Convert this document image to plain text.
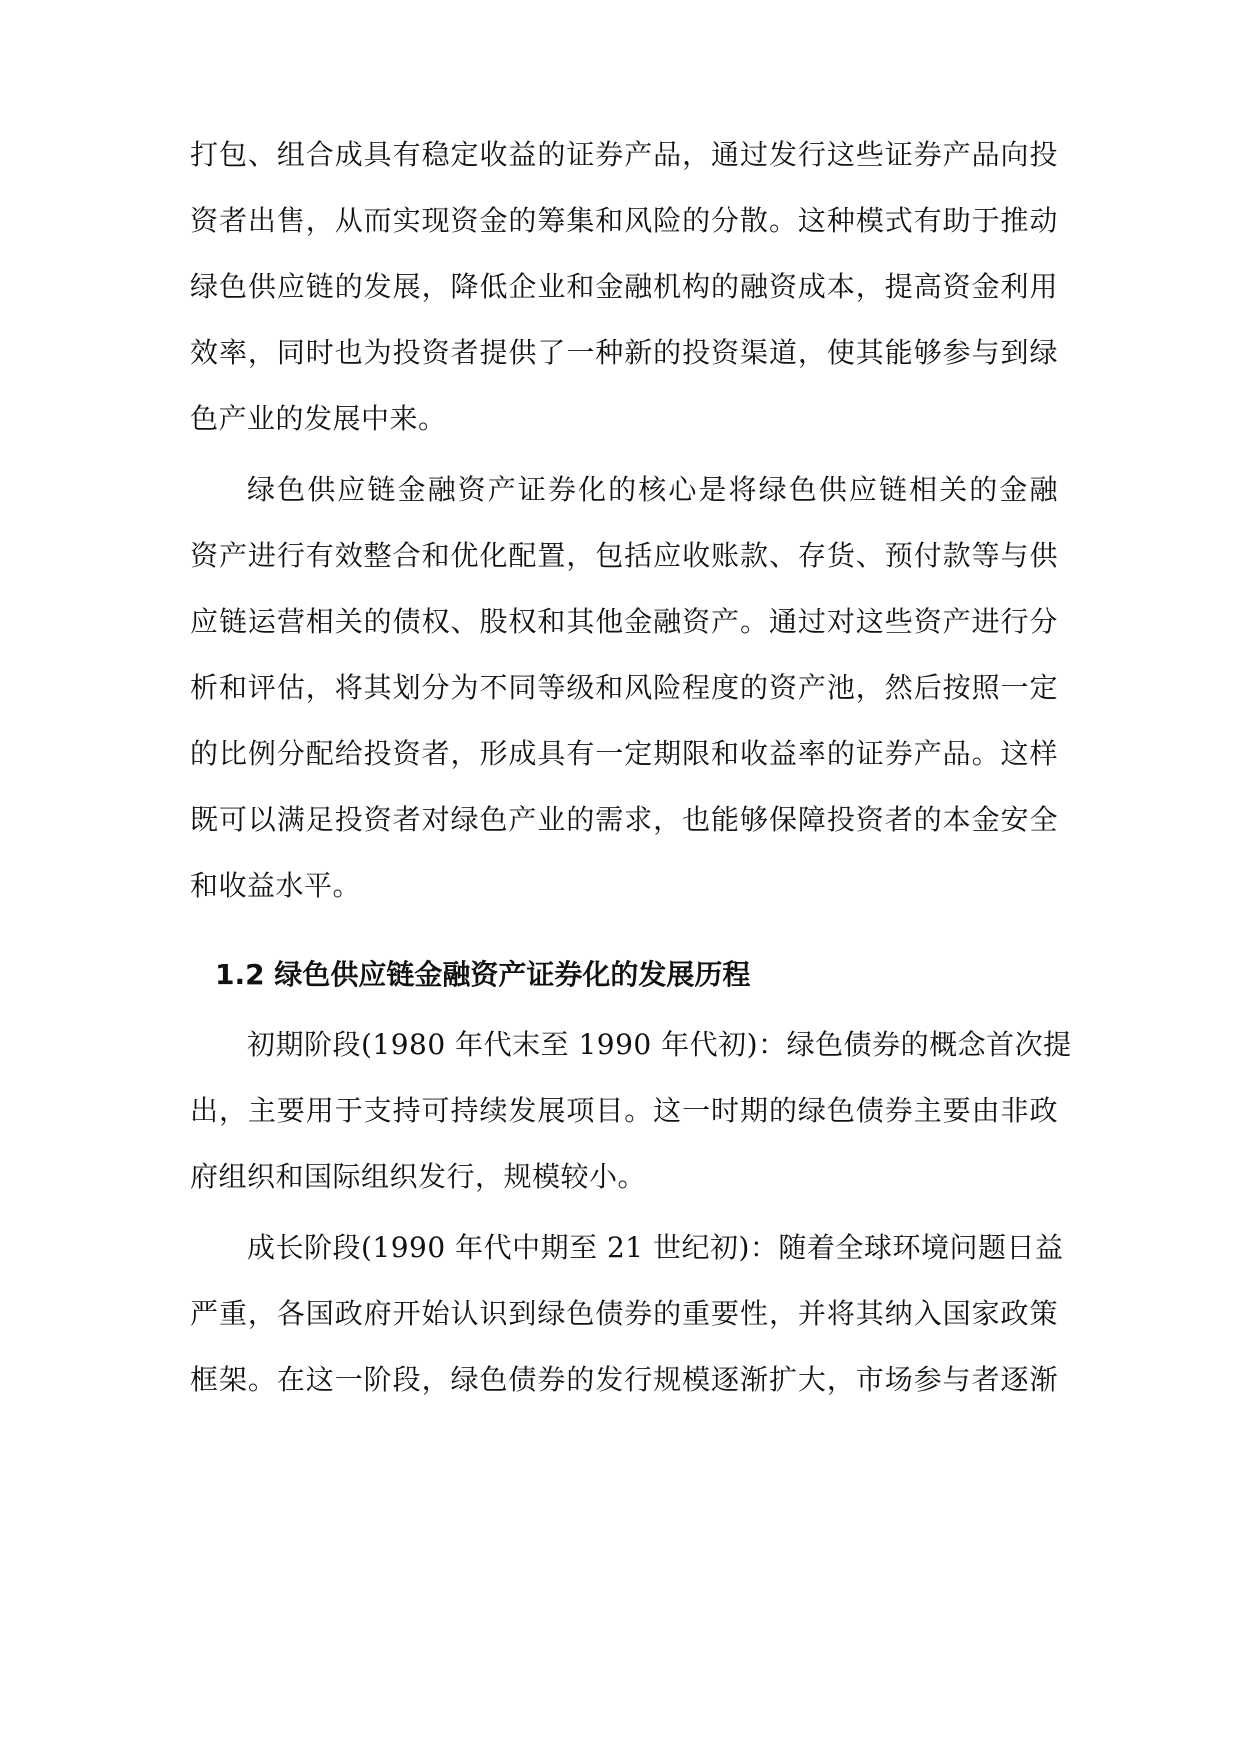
打包、组合成具有稳定收益的证券产品，通过发行这些证券产品向投
资者出售，从而实现资金的筹集和风险的分散。这种模式有助于推动
绿色供应链的发展，降低企业和金融机构的融资成本，提高资金利用
效率，同时也为投资者提供了一种新的投资渠道，使其能够参与到绿
色产业的发展中来。
绿色供应链金融资产证券化的核心是将绿色供应链相关的金融
资产进行有效整合和优化配置，包括应收账款、存货、预付款等与供
应链运营相关的债权、股权和其他金融资产。通过对这些资产进行分
析和评估，将其划分为不同等级和风险程度的资产池，然后按照一定
的比例分配给投资者，形成具有一定期限和收益率的证券产品。这样
既可以满足投资者对绿色产业的需求，也能够保障投资者的本金安全
和收益水平。
1.2 绿色供应链金融资产证券化的发展历程
初期阶段(1980 年代末至 1990 年代初)：绿色债券的概念首次提
出，主要用于支持可持续发展项目。这一时期的绿色债券主要由非政
府组织和国际组织发行，规模较小。
成长阶段(1990 年代中期至 21 世纪初)：随着全球环境问题日益
严重，各国政府开始认识到绿色债券的重要性，并将其纳入国家政策
框架。在这一阶段，绿色债券的发行规模逐渐扩大，市场参与者逐渐
